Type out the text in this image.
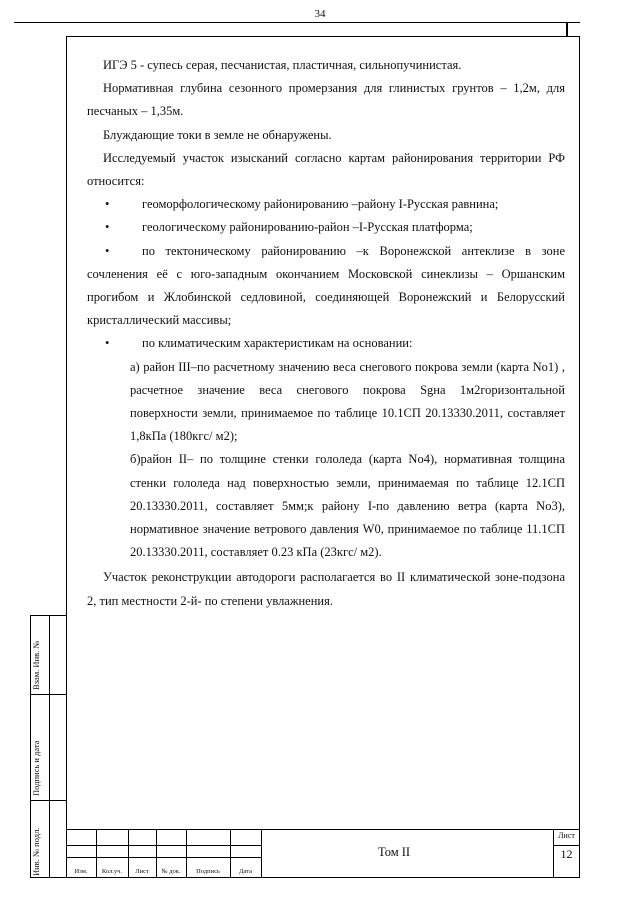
34

ИГЭ 5 - супесь серая, песчанистая, пластичная, сильнопучинистая.

Нормативная глубина сезонного промерзания для глинистых грунтов – 1,2м, для песчаных – 1,35м.

Блуждающие токи в земле не обнаружены.

Исследуемый участок изысканий согласно картам районирования территории РФ относится:

•	геоморфологическому районированию –району I-Русская равнина;

•	геологическому районированию-район –I-Русская платформа;

•	по тектоническому районированию –к Воронежской антеклизе в зоне сочленения её с юго-западным окончанием Московской синеклизы – Оршанским прогибом и Жлобинской седловиной, соединяющей Воронежский и Белорусский кристаллический массивы;

•	по климатическим характеристикам на основании:

а) район III–по расчетному значению веса снегового покрова земли (карта No1) , расчетное значение веса снегового покрова Sgна 1м2горизонтальной поверхности земли, принимаемое по таблице 10.1СП 20.13330.2011, составляет 1,8кПа (180кгс/ м2);

б)район II– по толщине стенки гололеда (карта No4), нормативная толщина стенки гололеда над поверхностью земли, принимаемая по таблице 12.1СП 20.13330.2011, составляет 5мм;к району I-по давлению ветра (карта No3), нормативное значение ветрового давления W0, принимаемое по таблице 11.1СП 20.13330.2011, составляет 0.23 кПа (23кгс/ м2).

Участок реконструкции автодороги располагается во II климатической зоне-подзона 2, тип местности 2-й- по степени увлажнения.

Взам. Инв. №
Подпись и дата
Инв. № подл.	Изм.	Кол.уч.	Лист	№ док.	Подпись	Дата
Том II
Лист
12
